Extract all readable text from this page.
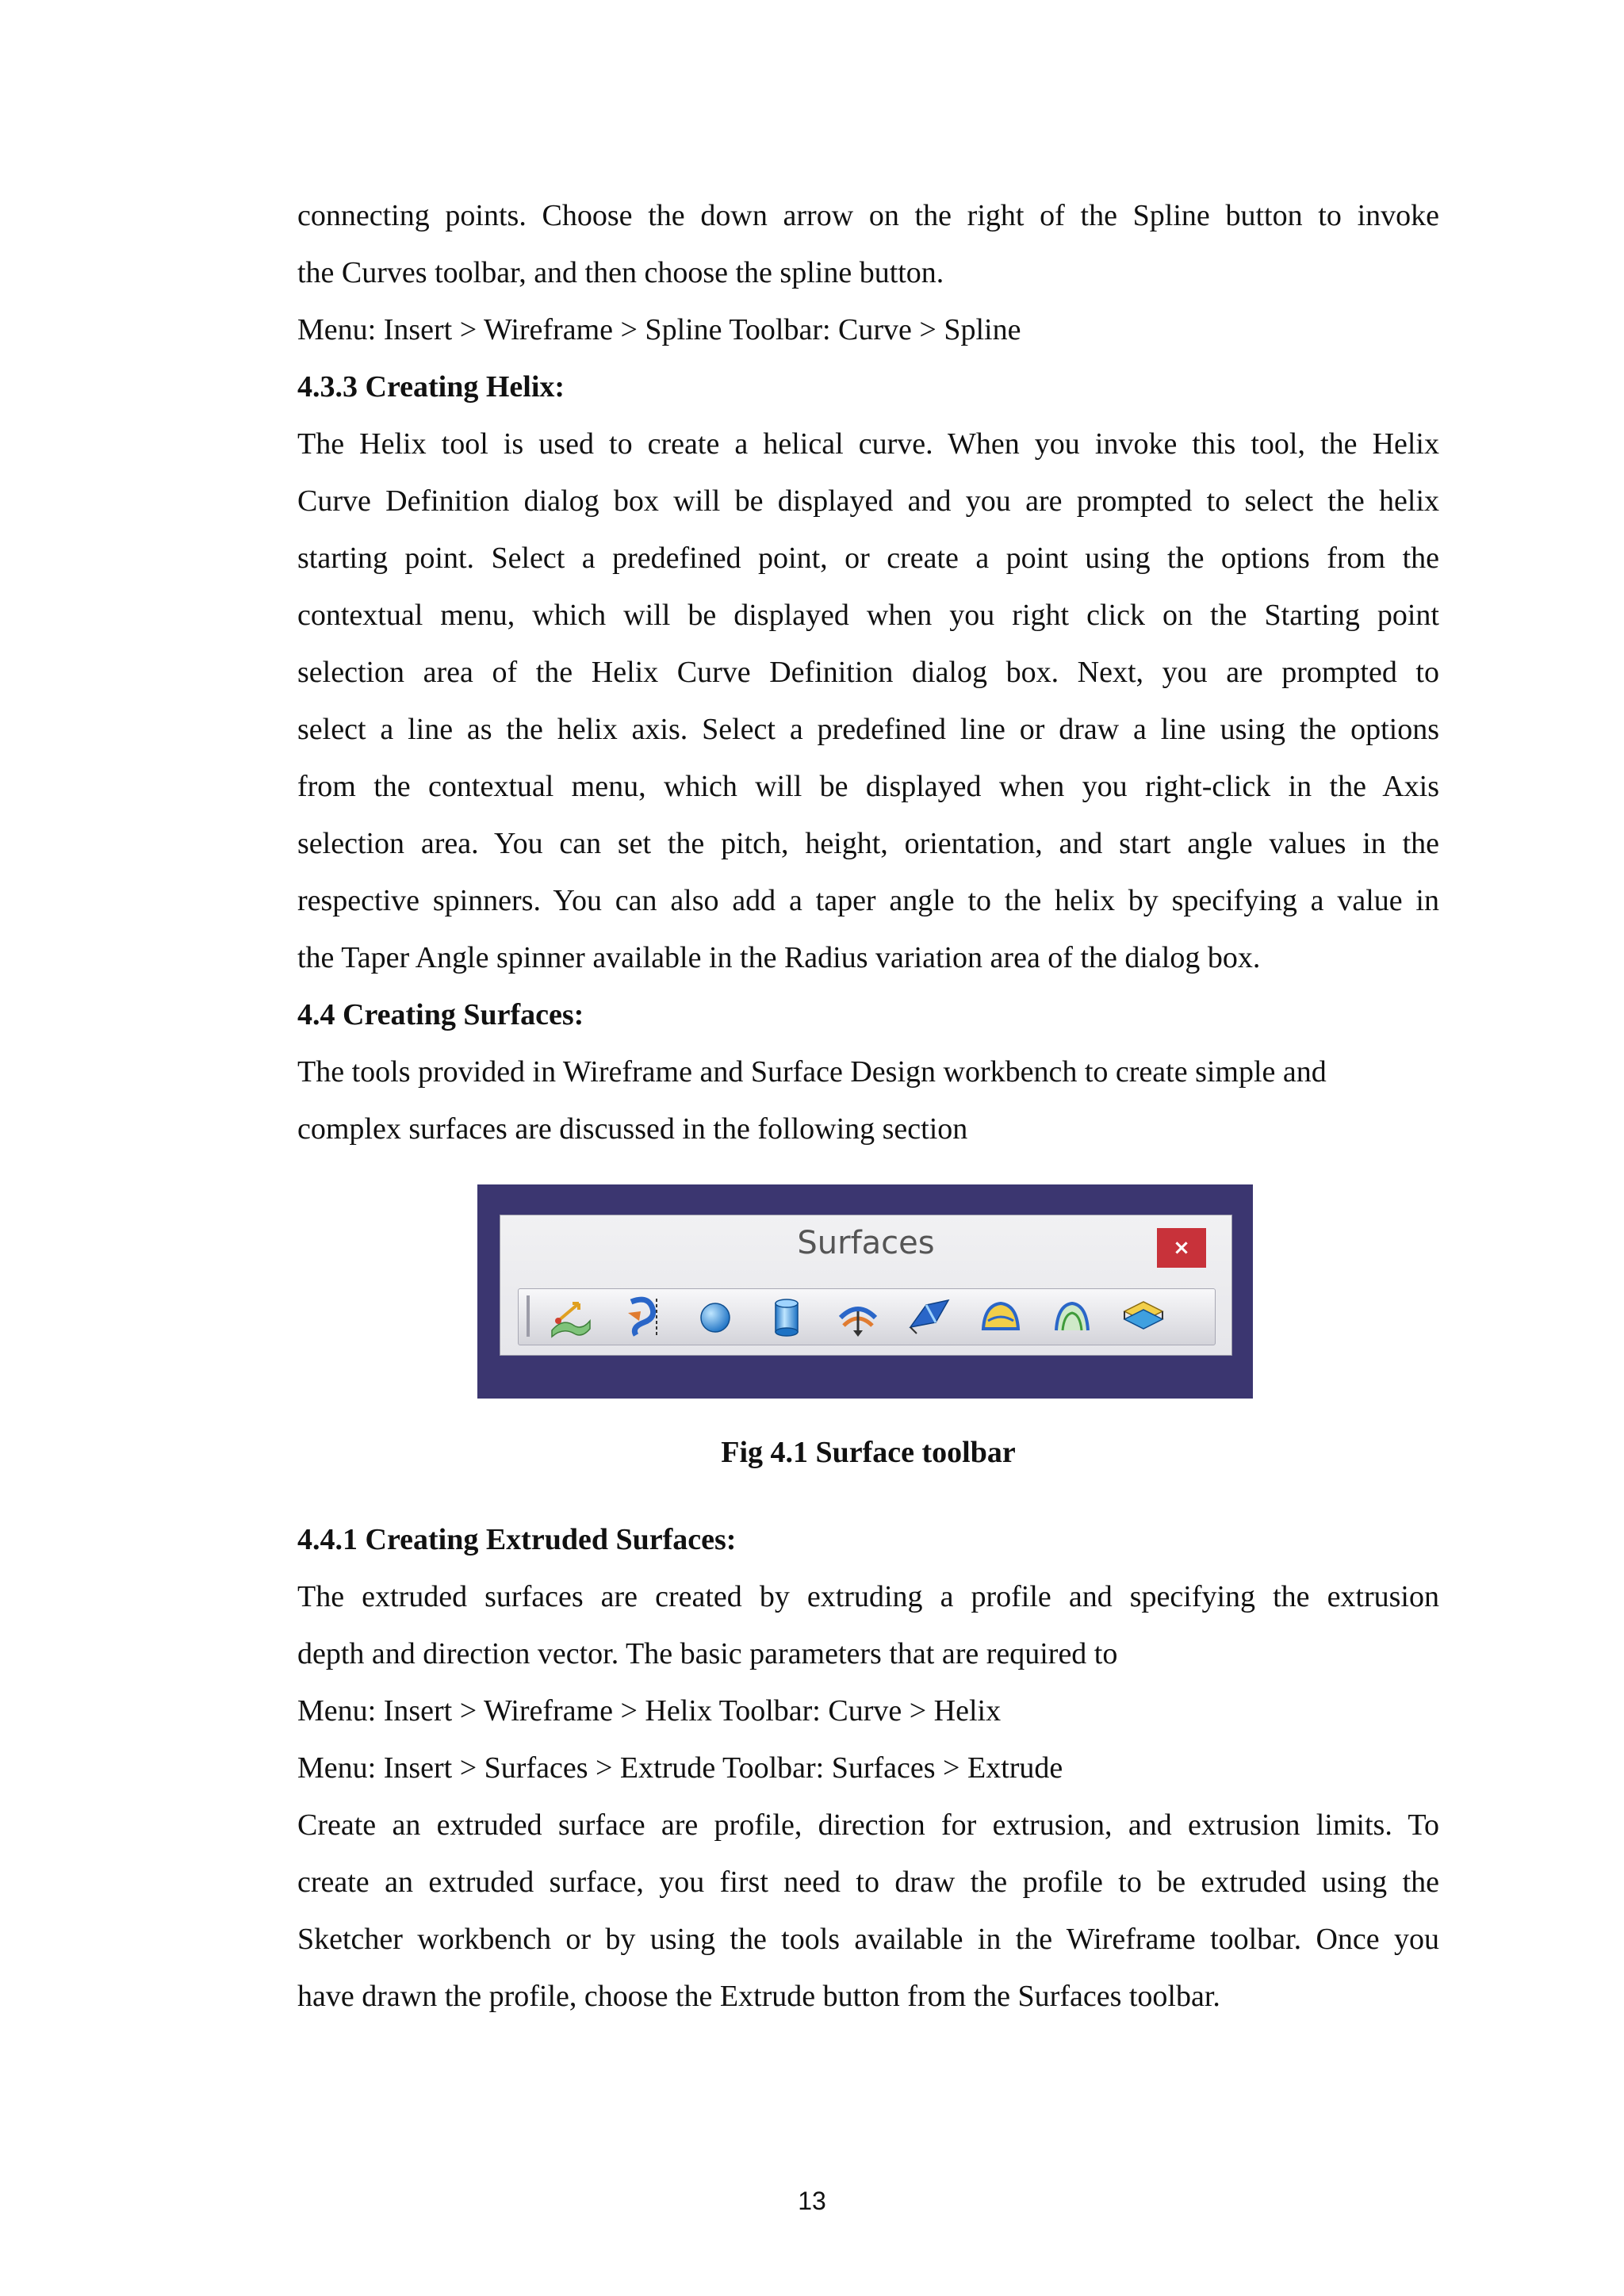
connecting points. Choose the down arrow on the right of the Spline button to invoke
the Curves toolbar, and then choose the spline button.
Menu: Insert > Wireframe > Spline Toolbar: Curve > Spline
4.3.3 Creating Helix:
The Helix tool is used to create a helical curve. When you invoke this tool, the Helix
Curve Definition dialog box will be displayed and you are prompted to select the helix
starting point. Select a predefined point, or create a point using the options from the
contextual menu, which will be displayed when you right click on the Starting point
selection area of the Helix Curve Definition dialog box. Next, you are prompted to
select a line as the helix axis. Select a predefined line or draw a line using the options
from the contextual menu, which will be displayed when you right-click in the Axis
selection area. You can set the pitch, height, orientation, and start angle values in the
respective spinners. You can also add a taper angle to the helix by specifying a value in
the Taper Angle spinner available in the Radius variation area of the dialog box.
4.4 Creating Surfaces:
The tools provided in Wireframe and Surface Design workbench to create simple and
complex surfaces are discussed in the following section
Surfaces	×
Fig 4.1 Surface toolbar
4.4.1 Creating Extruded Surfaces:
The extruded surfaces are created by extruding a profile and specifying the extrusion
depth and direction vector. The basic parameters that are required to
Menu: Insert > Wireframe > Helix Toolbar: Curve > Helix
Menu: Insert > Surfaces > Extrude Toolbar: Surfaces > Extrude
Create an extruded surface are profile, direction for extrusion, and extrusion limits. To
create an extruded surface, you first need to draw the profile to be extruded using the
Sketcher workbench or by using the tools available in the Wireframe toolbar. Once you
have drawn the profile, choose the Extrude button from the Surfaces toolbar.
13
